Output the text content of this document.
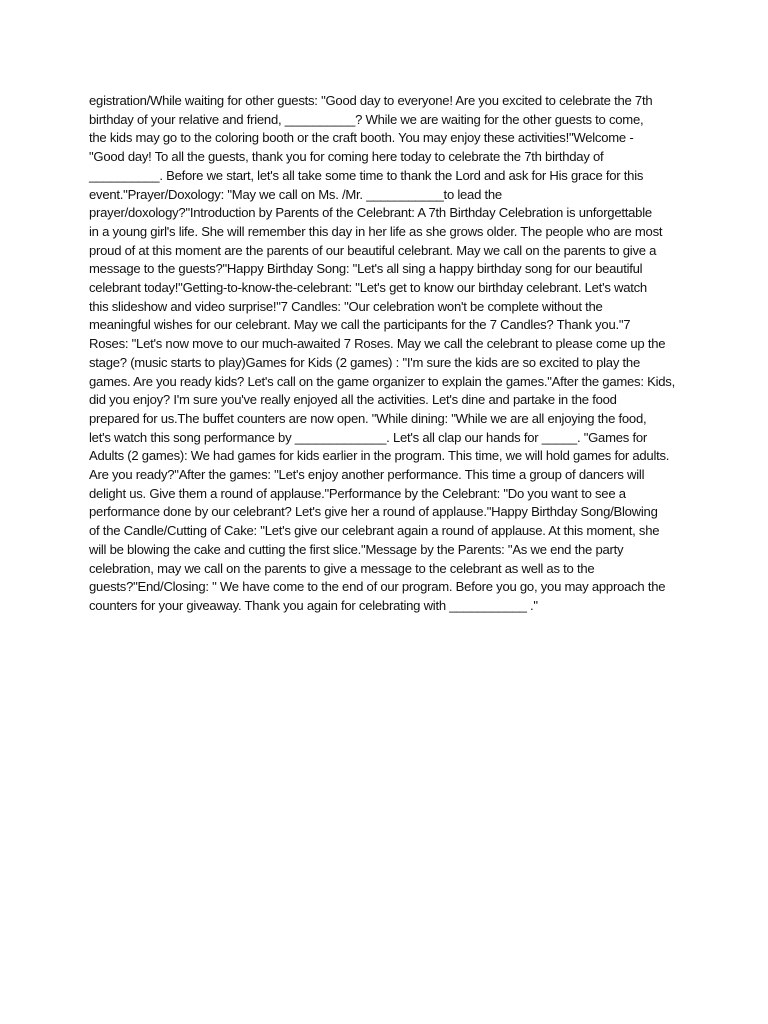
egistration/While waiting for other guests: "Good day to everyone! Are you excited to celebrate the 7th
birthday of your relative and friend, __________? While we are waiting for the other guests to come,
the kids may go to the coloring booth or the craft booth. You may enjoy these activities!"Welcome -
"Good day! To all the guests, thank you for coming here today to celebrate the 7th birthday of
__________. Before we start, let's all take some time to thank the Lord and ask for His grace for this
event."Prayer/Doxology: "May we call on Ms. /Mr. ___________to lead the
prayer/doxology?"Introduction by Parents of the Celebrant: A 7th Birthday Celebration is unforgettable
in a young girl's life. She will remember this day in her life as she grows older. The people who are most
proud of at this moment are the parents of our beautiful celebrant. May we call on the parents to give a
message to the guests?"Happy Birthday Song: "Let's all sing a happy birthday song for our beautiful
celebrant today!"Getting-to-know-the-celebrant: "Let's get to know our birthday celebrant. Let's watch
this slideshow and video surprise!"7 Candles: "Our celebration won't be complete without the
meaningful wishes for our celebrant. May we call the participants for the 7 Candles? Thank you."7
Roses: "Let's now move to our much-awaited 7 Roses. May we call the celebrant to please come up the
stage? (music starts to play)Games for Kids (2 games) : "I'm sure the kids are so excited to play the
games. Are you ready kids? Let's call on the game organizer to explain the games."After the games: Kids,
did you enjoy? I'm sure you've really enjoyed all the activities. Let's dine and partake in the food
prepared for us.The buffet counters are now open. "While dining: "While we are all enjoying the food,
let's watch this song performance by _____________. Let's all clap our hands for _____. "Games for
Adults (2 games): We had games for kids earlier in the program. This time, we will hold games for adults.
Are you ready?"After the games: "Let's enjoy another performance. This time a group of dancers will
delight us. Give them a round of applause."Performance by the Celebrant: "Do you want to see a
performance done by our celebrant? Let's give her a round of applause."Happy Birthday Song/Blowing
of the Candle/Cutting of Cake: "Let's give our celebrant again a round of applause. At this moment, she
will be blowing the cake and cutting the first slice."Message by the Parents: "As we end the party
celebration, may we call on the parents to give a message to the celebrant as well as to the
guests?"End/Closing: " We have come to the end of our program. Before you go, you may approach the
counters for your giveaway. Thank you again for celebrating with ___________ ."
